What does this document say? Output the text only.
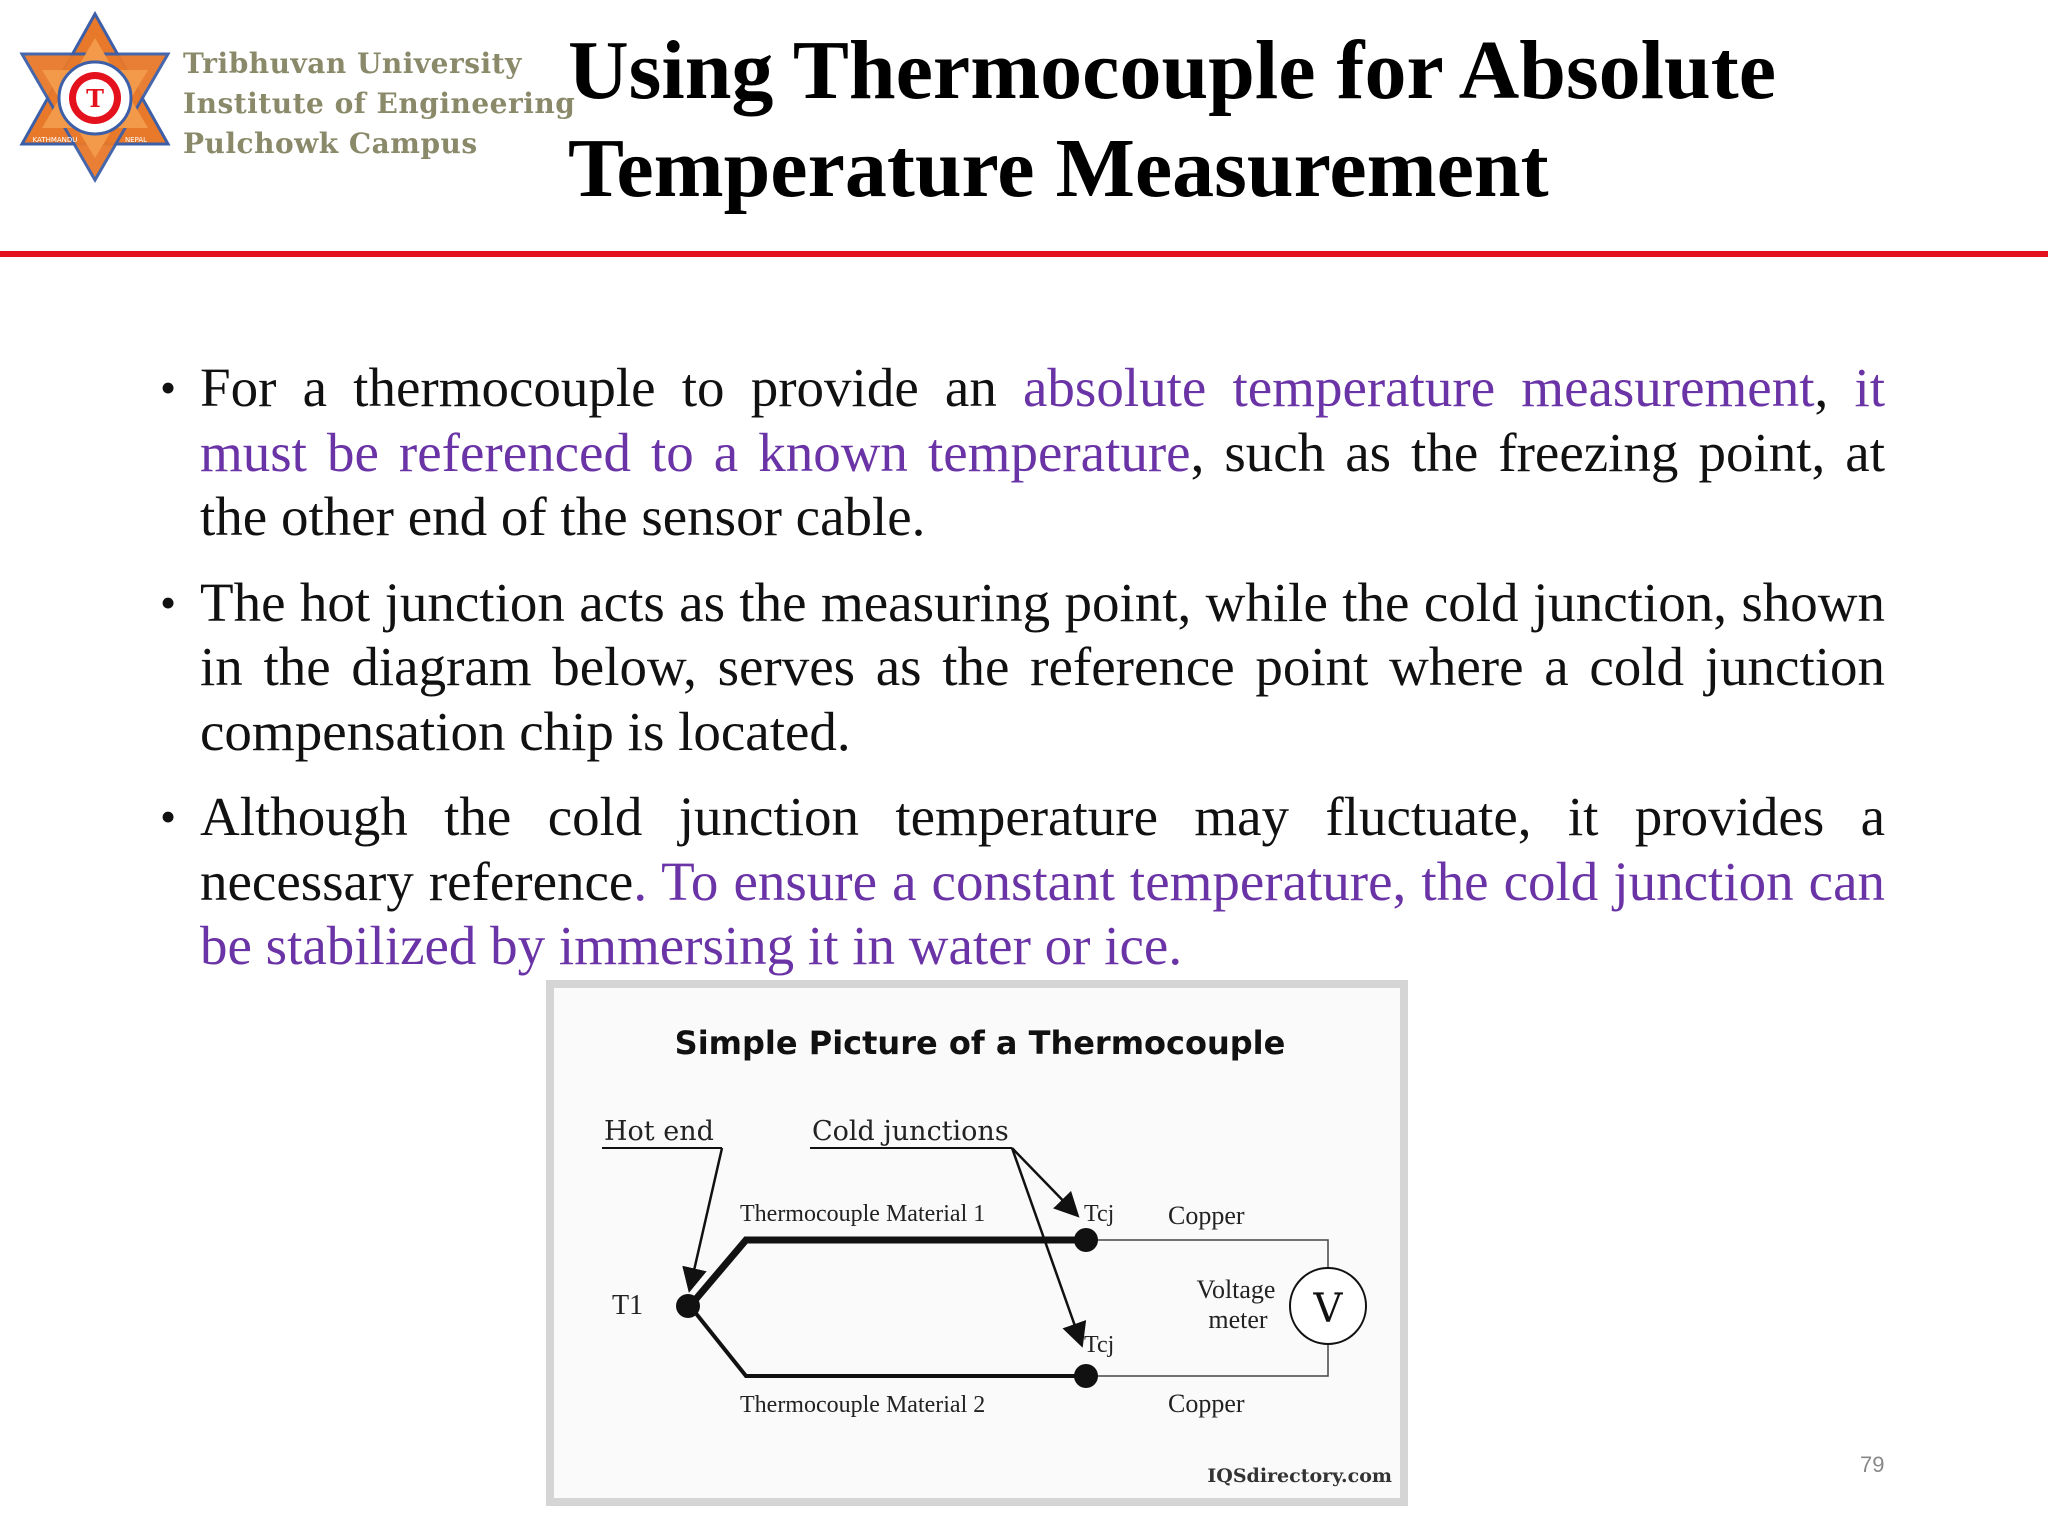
T
KATHMANDU	NEPAL
Tribhuvan University
Institute of Engineering
Pulchowk Campus
Using Thermocouple for Absolute
Temperature Measurement
• For a thermocouple to provide an absolute temperature measurement, it must be referenced to a known temperature, such as the freezing point, at the other end of the sensor cable.
• The hot junction acts as the measuring point, while the cold junction, shown in the diagram below, serves as the reference point where a cold junction compensation chip is located.
• Although the cold junction temperature may fluctuate, it provides a necessary reference. To ensure a constant temperature, the cold junction can be stabilized by immersing it in water or ice.
Simple Picture of a Thermocouple
Hot end	Cold junctions
V
Thermocouple Material 1
Thermocouple Material 2
Tcj
Tcj
Copper
Copper
T1
Voltage
meter
IQSdirectory.com	79
